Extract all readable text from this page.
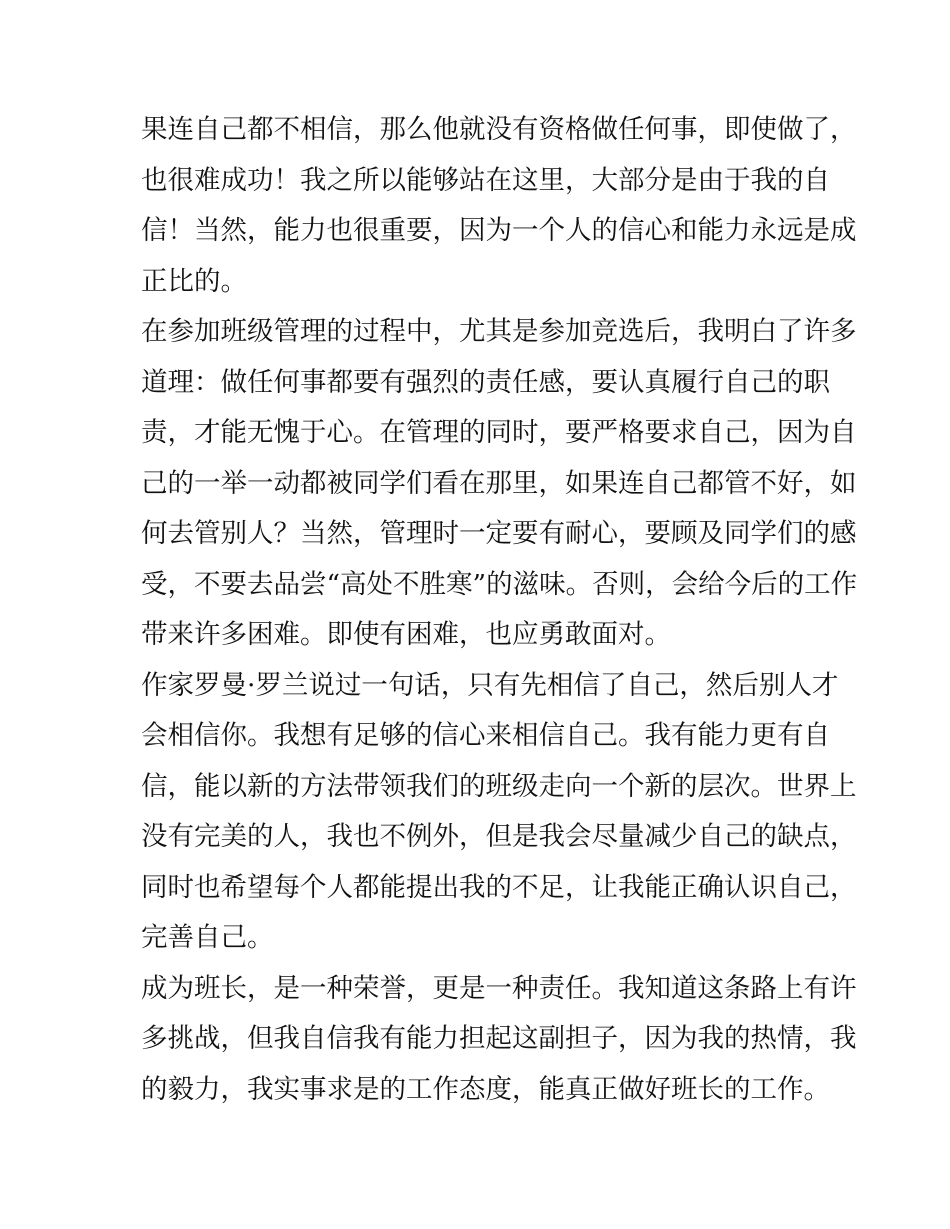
果连自己都不相信，那么他就没有资格做任何事，即使做了，
也很难成功！我之所以能够站在这里，大部分是由于我的自
信！当然，能力也很重要，因为一个人的信心和能力永远是成
正比的。

在参加班级管理的过程中，尤其是参加竞选后，我明白了许多
道理：做任何事都要有强烈的责任感，要认真履行自己的职
责，才能无愧于心。在管理的同时，要严格要求自己，因为自
己的一举一动都被同学们看在那里，如果连自己都管不好，如
何去管别人？当然，管理时一定要有耐心，要顾及同学们的感
受，不要去品尝“高处不胜寒”的滋味。否则，会给今后的工作
带来许多困难。即使有困难，也应勇敢面对。

作家罗曼·罗兰说过一句话，只有先相信了自己，然后别人才
会相信你。我想有足够的信心来相信自己。我有能力更有自
信，能以新的方法带领我们的班级走向一个新的层次。世界上
没有完美的人，我也不例外，但是我会尽量减少自己的缺点，
同时也希望每个人都能提出我的不足，让我能正确认识自己，
完善自己。

成为班长，是一种荣誉，更是一种责任。我知道这条路上有许
多挑战，但我自信我有能力担起这副担子，因为我的热情，我
的毅力，我实事求是的工作态度，能真正做好班长的工作。
